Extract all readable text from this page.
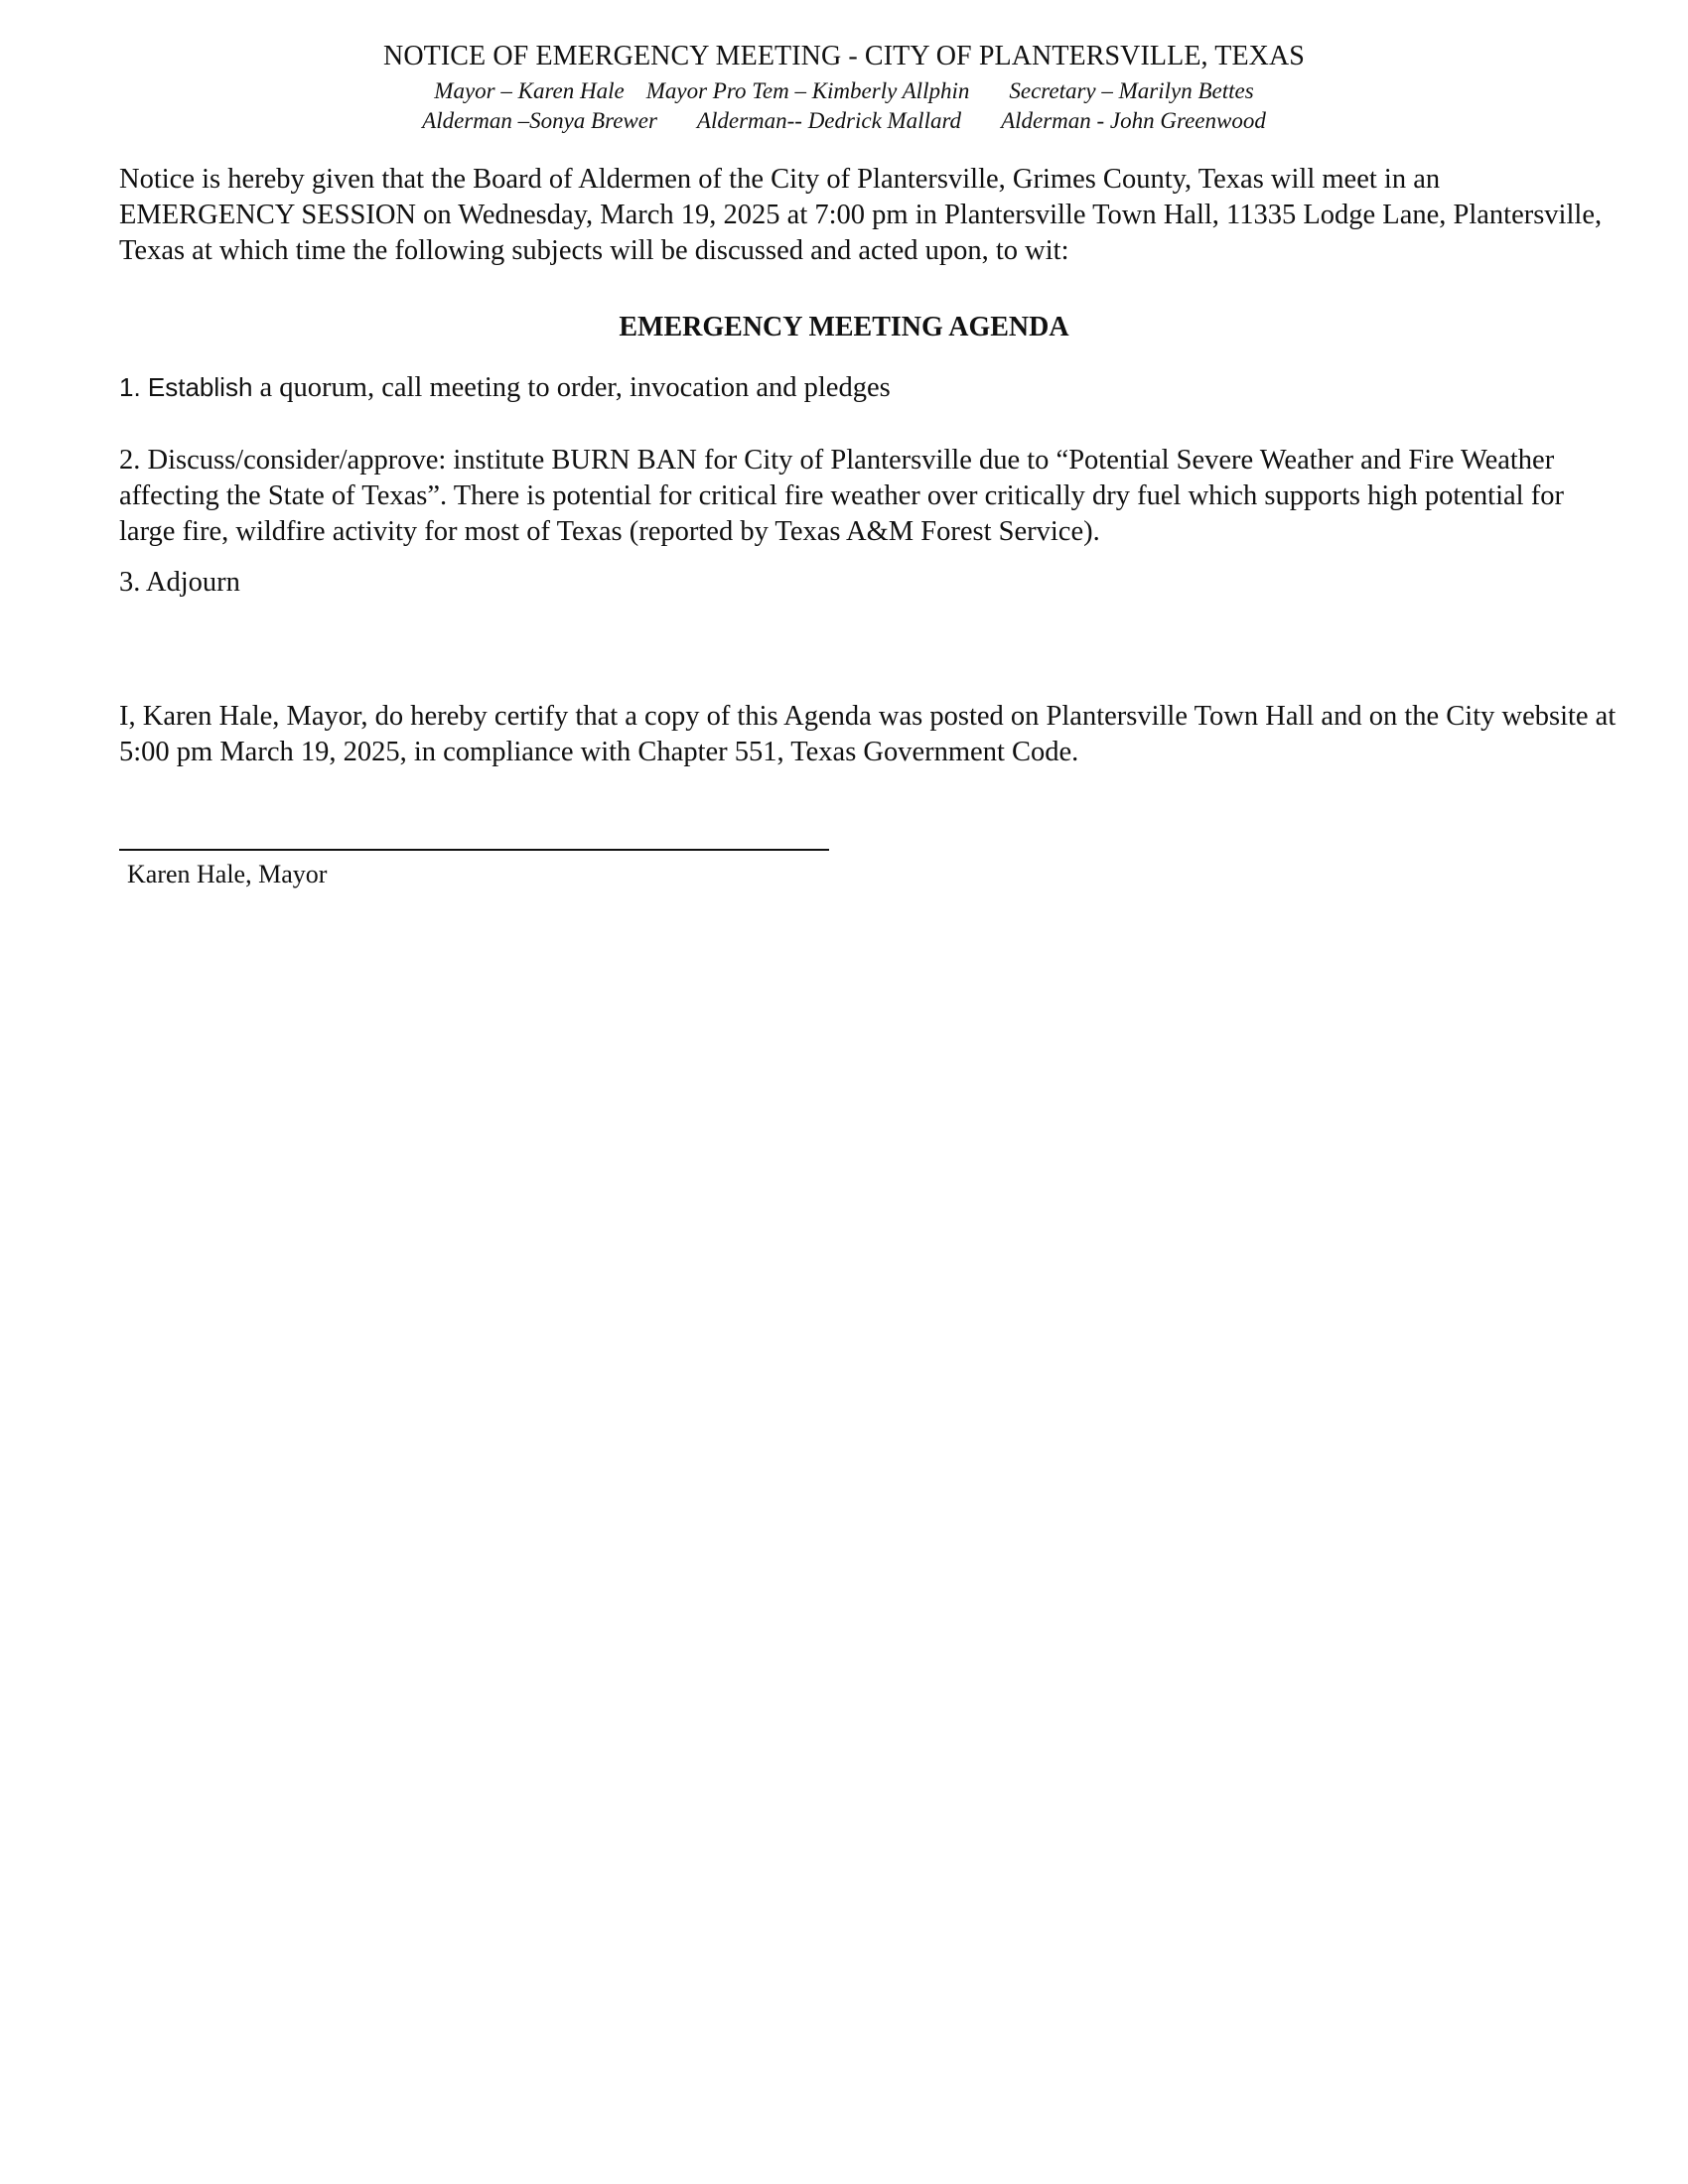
NOTICE OF EMERGENCY MEETING - CITY OF PLANTERSVILLE, TEXAS
Mayor – Karen Hale Mayor Pro Tem – Kimberly Allphin Secretary – Marilyn Bettes
Alderman –Sonya Brewer Alderman-- Dedrick Mallard Alderman - John Greenwood
Notice is hereby given that the Board of Aldermen of the City of Plantersville, Grimes County, Texas will meet in an EMERGENCY SESSION on Wednesday, March 19, 2025 at 7:00 pm in Plantersville Town Hall, 11335 Lodge Lane, Plantersville, Texas at which time the following subjects will be discussed and acted upon, to wit:
EMERGENCY MEETING AGENDA
1. Establish a quorum, call meeting to order, invocation and pledges
2. Discuss/consider/approve: institute BURN BAN for City of Plantersville due to “Potential Severe Weather and Fire Weather affecting the State of Texas”. There is potential for critical fire weather over critically dry fuel which supports high potential for large fire, wildfire activity for most of Texas (reported by Texas A&M Forest Service).
3. Adjourn
I, Karen Hale, Mayor, do hereby certify that a copy of this Agenda was posted on Plantersville Town Hall and on the City website at 5:00 pm March 19, 2025, in compliance with Chapter 551, Texas Government Code.
Karen Hale, Mayor
